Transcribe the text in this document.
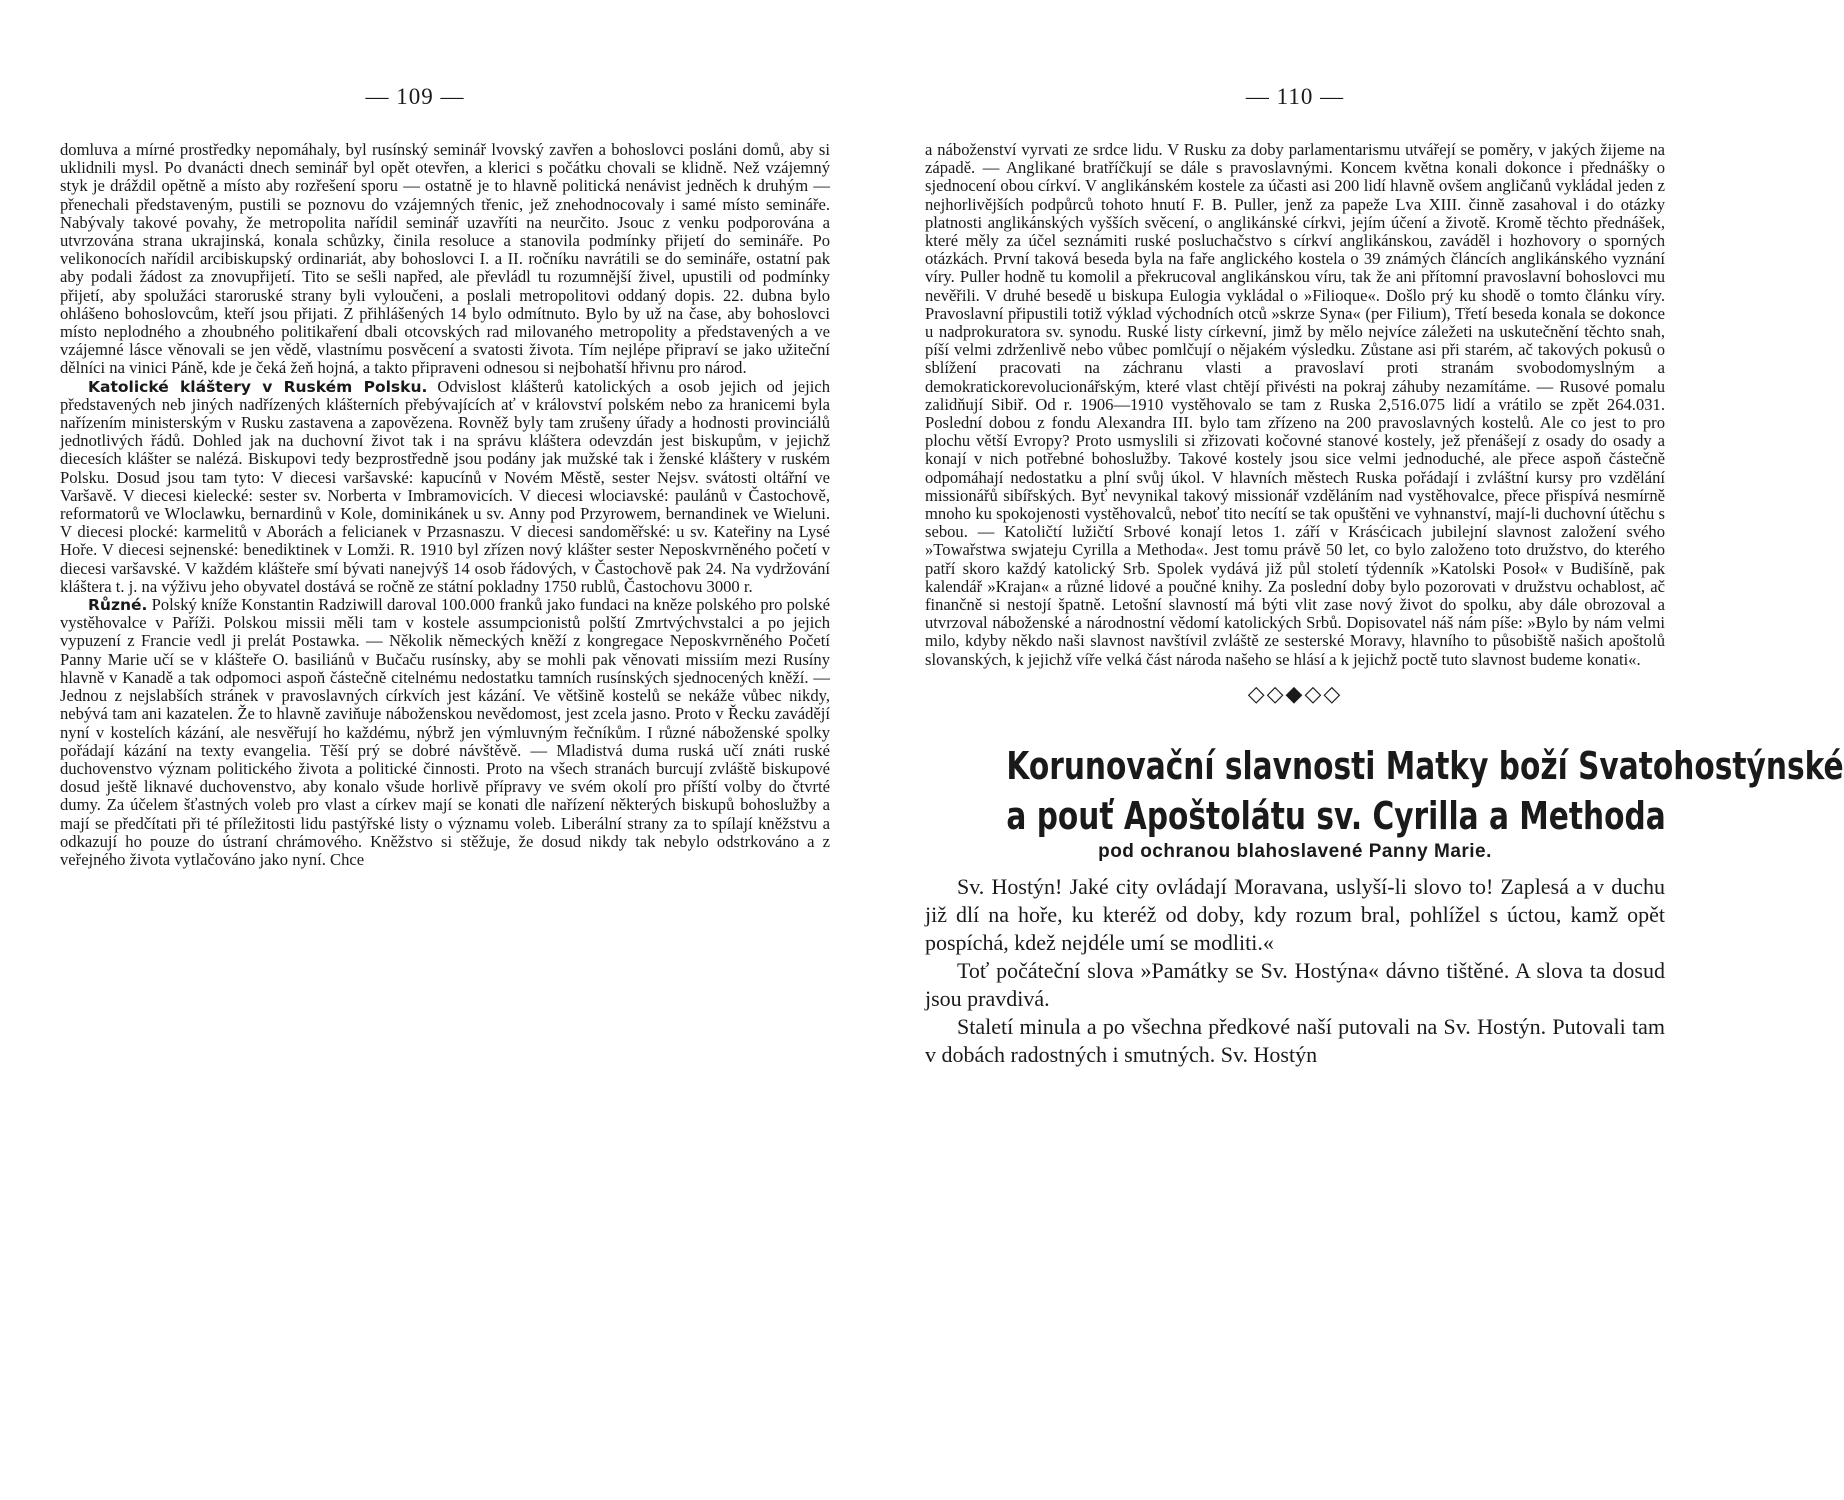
— 109 —

domluva a mírné prostředky nepomáhaly, byl rusínský seminář lvovský zavřen a bohoslovci posláni domů, aby si uklidnili mysl. Po dvanácti dnech seminář byl opět otevřen, a klerici s počátku chovali se klidně. Než vzájemný styk je dráždil opětně a místo aby rozřešení sporu — ostatně je to hlavně politická nenávist jedněch k druhým — přenechali představeným, pustili se poznovu do vzájemných třenic, jež znehodnocovaly i samé místo semináře. Nabývaly takové povahy, že metropolita nařídil seminář uzavříti na neurčito. Jsouc z venku podporována a utvrzována strana ukrajinská, konala schůzky, činila resoluce a stanovila podmínky přijetí do semináře. Po velikonocích nařídil arcibiskupský ordinariát, aby bohoslovci I. a II. ročníku navrátili se do semináře, ostatní pak aby podali žádost za znovupřijetí. Tito se sešli napřed, ale převládl tu rozumnější živel, upustili od podmínky přijetí, aby spolužáci staroruské strany byli vyloučeni, a poslali metropolitovi oddaný dopis. 22. dubna bylo ohlášeno bohoslovcům, kteří jsou přijati. Z přihlášených 14 bylo odmítnuto. Bylo by už na čase, aby bohoslovci místo neplodného a zhoubného politikaření dbali otcovských rad milovaného metropolity a představených a ve vzájemné lásce věnovali se jen vědě, vlastnímu posvěcení a svatosti života. Tím nejlépe připraví se jako užiteční dělníci na vinici Páně, kde je čeká žeň hojná, a takto připraveni odnesou si nejbohatší hřivnu pro národ.

Katolické kláštery v Ruském Polsku. Odvislost klášterů katolických a osob jejich od jejich představených neb jiných nadřízených klášterních přebývajících ať v království polském nebo za hranicemi byla nařízením ministerským v Rusku zastavena a zapovězena. Rovněž byly tam zrušeny úřady a hodnosti provinciálů jednotlivých řádů. Dohled jak na duchovní život tak i na správu kláštera odevzdán jest biskupům, v jejichž diecesích klášter se nalézá. Biskupovi tedy bezprostředně jsou podány jak mužské tak i ženské kláštery v ruském Polsku. Dosud jsou tam tyto: V diecesi varšavské: kapucínů v Novém Městě, sester Nejsv. svátosti oltářní ve Varšavě. V diecesi kielecké: sester sv. Norberta v Imbramovicích. V diecesi wlociavské: paulánů v Častochově, reformatorů ve Wloclawku, bernardinů v Kole, dominikánek u sv. Anny pod Przyrowem, bernandinek ve Wieluni. V diecesi plocké: karmelitů v Aborách a felicianek v Przasnaszu. V diecesi sandoměřské: u sv. Kateřiny na Lysé Hoře. V diecesi sejnenské: benediktinek v Lomži. R. 1910 byl zřízen nový klášter sester Neposkvrněného početí v diecesi varšavské. V každém klášteře smí bývati nanejvýš 14 osob řádových, v Častochově pak 24. Na vydržování kláštera t. j. na výživu jeho obyvatel dostává se ročně ze státní pokladny 1750 rublů, Častochovu 3000 r.

Různé. Polský kníže Konstantin Radziwill daroval 100.000 franků jako fundaci na kněze polského pro polské vystěhovalce v Paříži. Polskou missii měli tam v kostele assumpcionistů polští Zmrtvýchvstalci a po jejich vypuzení z Francie vedl ji prelát Postawka. — Několik německých kněží z kongregace Neposkvrněného Početí Panny Marie učí se v klášteře O. basiliánů v Bučaču rusínsky, aby se mohli pak věnovati missiím mezi Rusíny hlavně v Kanadě a tak odpomoci aspoň částečně citelnému nedostatku tamních rusínských sjednocených kněží. — Jednou z nejslabších stránek v pravoslavných církvích jest kázání. Ve většině kostelů se nekáže vůbec nikdy, nebývá tam ani kazatelen. Že to hlavně zaviňuje náboženskou nevědomost, jest zcela jasno. Proto v Řecku zavádějí nyní v kostelích kázání, ale nesvěřují ho každému, nýbrž jen výmluvným řečníkům. I různé náboženské spolky pořádají kázání na texty evangelia. Těší prý se dobré návštěvě. — Mladistvá duma ruská učí znáti ruské duchovenstvo význam politického života a politické činnosti. Proto na všech stranách burcují zvláště biskupové dosud ještě liknavé duchovenstvo, aby konalo všude horlivě přípravy ve svém okolí pro příští volby do čtvrté dumy. Za účelem šťastných voleb pro vlast a církev mají se konati dle nařízení některých biskupů bohoslužby a mají se předčítati při té příležitosti lidu pastýřské listy o významu voleb. Liberální strany za to spílají kněžstvu a odkazují ho pouze do ústraní chrámového. Kněžstvo si stěžuje, že dosud nikdy tak nebylo odstrkováno a z veřejného života vytlačováno jako nyní. Chce

— 110 —

a náboženství vyrvati ze srdce lidu. V Rusku za doby parlamentarismu utvářejí se poměry, v jakých žijeme na západě. — Anglikané bratříčkují se dále s pravoslavnými. Koncem května konali dokonce i přednášky o sjednocení obou církví. V anglikánském kostele za účasti asi 200 lidí hlavně ovšem angličanů vykládal jeden z nejhorlivějších podpůrců tohoto hnutí F. B. Puller, jenž za papeže Lva XIII. činně zasahoval i do otázky platnosti anglikánských vyšších svěcení, o anglikánské církvi, jejím účení a životě. Kromě těchto přednášek, které měly za účel seznámiti ruské posluchačstvo s církví anglikánskou, zaváděl i hozhovory o sporných otázkách. První taková beseda byla na faře anglického kostela o 39 známých článcích anglikánského vyznání víry. Puller hodně tu komolil a překrucoval anglikánskou víru, tak že ani přítomní pravoslavní bohoslovci mu nevěřili. V druhé besedě u biskupa Eulogia vykládal o »Filioque«. Došlo prý ku shodě o tomto článku víry. Pravoslavní připustili totiž výklad východních otců »skrze Syna« (per Filium), Třetí beseda konala se dokonce u nadprokuratora sv. synodu. Ruské listy církevní, jimž by mělo nejvíce záležeti na uskutečnění těchto snah, píší velmi zdrženlivě nebo vůbec pomlčují o nějakém výsledku. Zůstane asi při starém, ač takových pokusů o sblížení pracovati na záchranu vlasti a pravoslaví proti stranám svobodomyslným a demokratickorevolucionářským, které vlast chtějí přivésti na pokraj záhuby nezamítáme. — Rusové pomalu zalidňují Sibiř. Od r. 1906—1910 vystěhovalo se tam z Ruska 2,516.075 lidí a vrátilo se zpět 264.031. Poslední dobou z fondu Alexandra III. bylo tam zřízeno na 200 pravoslavných kostelů. Ale co jest to pro plochu větší Evropy? Proto usmyslili si zřizovati kočovné stanové kostely, jež přenášejí z osady do osady a konají v nich potřebné bohoslužby. Takové kostely jsou sice velmi jednoduché, ale přece aspoň částečně odpomáhají nedostatku a plní svůj úkol. V hlavních městech Ruska pořádají i zvláštní kursy pro vzdělání missionářů sibířských. Byť nevynikal takový missionář vzděláním nad vystěhovalce, přece přispívá nesmírně mnoho ku spokojenosti vystěhovalců, neboť tito necítí se tak opuštěni ve vyhnanství, mají-li duchovní útěchu s sebou. — Katoličtí lužičtí Srbové konají letos 1. září v Krásćicach jubilejní slavnost založení svého »Towařstwa swjateju Cyrilla a Methoda«. Jest tomu právě 50 let, co bylo založeno toto družstvo, do kterého patří skoro každý katolický Srb. Spolek vydává již půl století týdenník »Katolski Posoł« v Budišíně, pak kalendář »Krajan« a různé lidové a poučné knihy. Za poslední doby bylo pozorovati v družstvu ochablost, ač finančně si nestojí špatně. Letošní slavností má býti vlit zase nový život do spolku, aby dále obrozoval a utvrzoval náboženské a národnostní vědomí katolických Srbů. Dopisovatel náš nám píše: »Bylo by nám velmi milo, kdyby někdo naši slavnost navštívil zvláště ze sesterské Moravy, hlavního to působiště našich apoštolů slovanských, k jejichž víře velká část národa našeho se hlásí a k jejichž poctě tuto slavnost budeme konati«.

◇◇◆◇◇
Korunovační slavnosti Matky boží Svatohostýnské
a pouť Apoštolátu sv. Cyrilla a Methoda
pod ochranou blahoslavené Panny Marie.

Sv. Hostýn! Jaké city ovládají Moravana, uslyší-li slovo to! Zaplesá a v duchu již dlí na hoře, ku kteréž od doby, kdy rozum bral, pohlížel s úctou, kamž opět pospíchá, kdež nejdéle umí se modliti.«

Toť počáteční slova »Památky se Sv. Hostýna« dávno tištěné. A slova ta dosud jsou pravdivá.

Staletí minula a po všechna předkové naší putovali na Sv. Hostýn. Putovali tam v dobách radostných i smutných. Sv. Hostýn
